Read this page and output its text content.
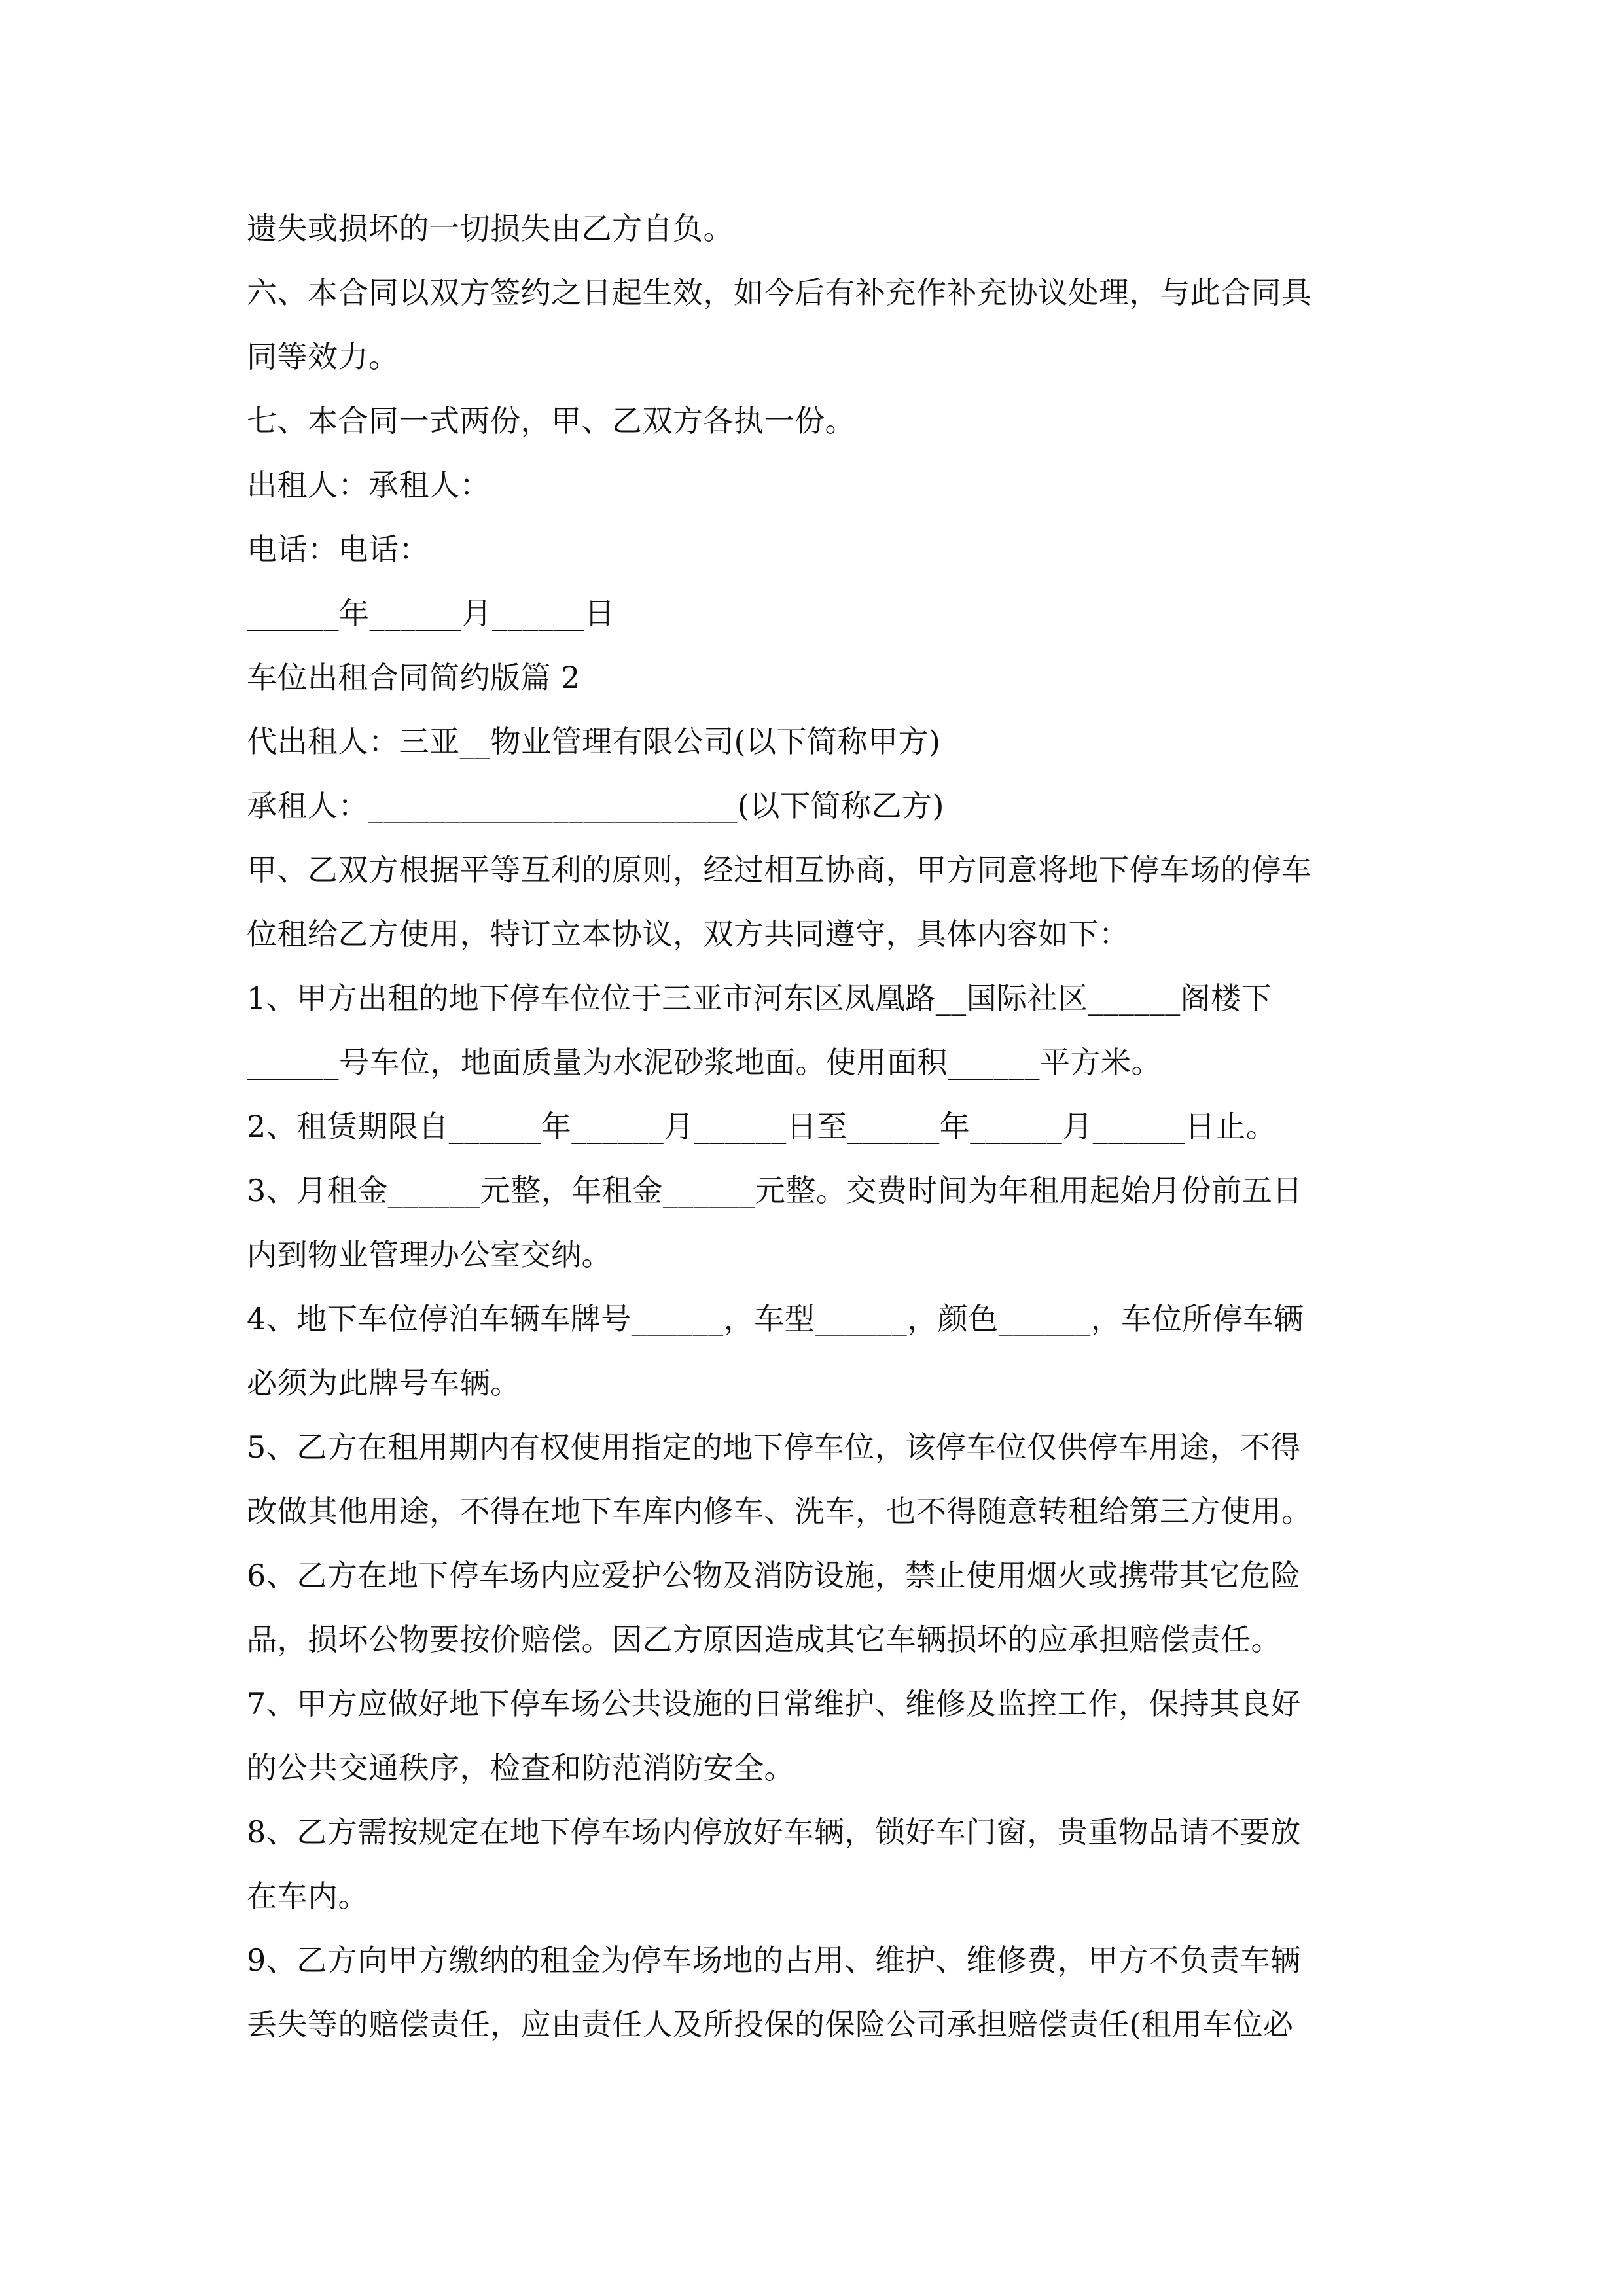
遗失或损坏的一切损失由乙方自负。
六、本合同以双方签约之日起生效，如今后有补充作补充协议处理，与此合同具
同等效力。
七、本合同一式两份，甲、乙双方各执一份。
出租人：承租人：
电话：电话：
______年______月______日
车位出租合同简约版篇 2
代出租人：三亚__物业管理有限公司(以下简称甲方)
承租人：________________________(以下简称乙方)
甲、乙双方根据平等互利的原则，经过相互协商，甲方同意将地下停车场的停车
位租给乙方使用，特订立本协议，双方共同遵守，具体内容如下：
1、甲方出租的地下停车位位于三亚市河东区凤凰路__国际社区______阁楼下
______号车位，地面质量为水泥砂浆地面。使用面积______平方米。
2、租赁期限自______年______月______日至______年______月______日止。
3、月租金______元整，年租金______元整。交费时间为年租用起始月份前五日
内到物业管理办公室交纳。
4、地下车位停泊车辆车牌号______，车型______，颜色______，车位所停车辆
必须为此牌号车辆。
5、乙方在租用期内有权使用指定的地下停车位，该停车位仅供停车用途，不得
改做其他用途，不得在地下车库内修车、洗车，也不得随意转租给第三方使用。
6、乙方在地下停车场内应爱护公物及消防设施，禁止使用烟火或携带其它危险
品，损坏公物要按价赔偿。因乙方原因造成其它车辆损坏的应承担赔偿责任。
7、甲方应做好地下停车场公共设施的日常维护、维修及监控工作，保持其良好
的公共交通秩序，检查和防范消防安全。
8、乙方需按规定在地下停车场内停放好车辆，锁好车门窗，贵重物品请不要放
在车内。
9、乙方向甲方缴纳的租金为停车场地的占用、维护、维修费，甲方不负责车辆
丢失等的赔偿责任，应由责任人及所投保的保险公司承担赔偿责任(租用车位必
